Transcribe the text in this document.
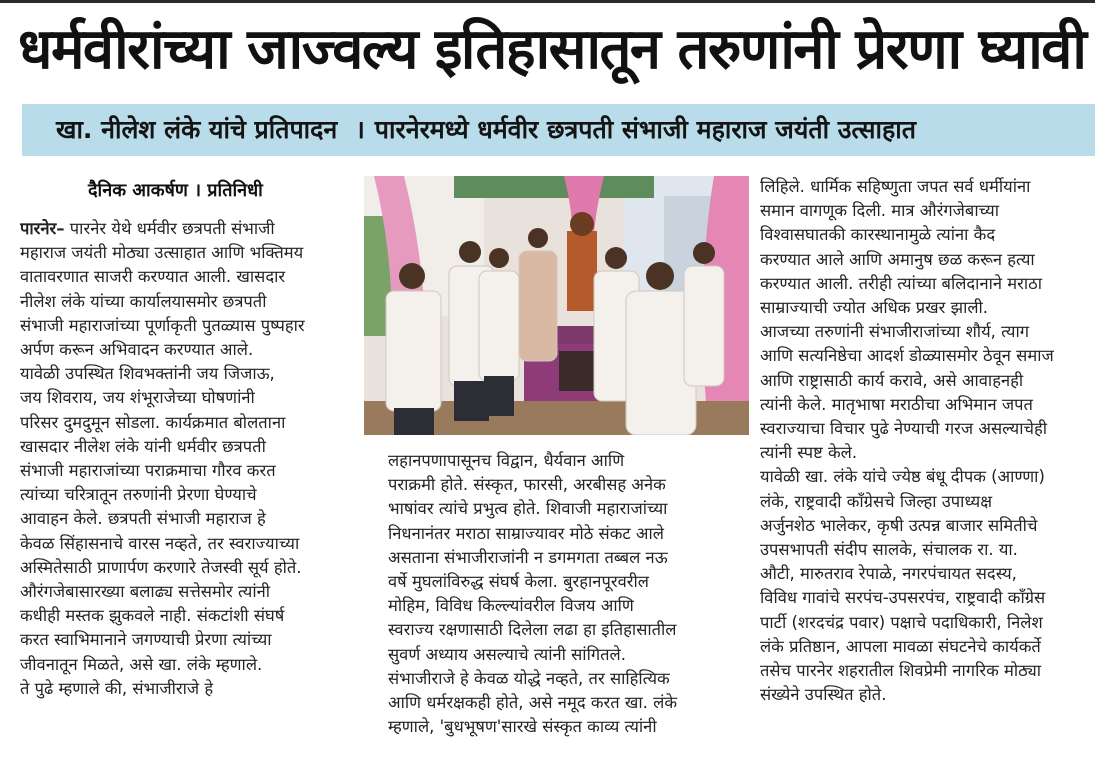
धर्मवीरांच्या जाज्वल्य इतिहासातून तरुणांनी प्रेरणा घ्यावी
खा. नीलेश लंके यांचे प्रतिपादन । पारनेरमध्ये धर्मवीर छत्रपती संभाजी महाराज जयंती उत्साहात
दैनिक आकर्षण । प्रतिनिधी
पारनेर– पारनेर येथे धर्मवीर छत्रपती संभाजी
महाराज जयंती मोठ्या उत्साहात आणि भक्तिमय
वातावरणात साजरी करण्यात आली. खासदार
नीलेश लंके यांच्या कार्यालयासमोर छत्रपती
संभाजी महाराजांच्या पूर्णाकृती पुतळ्यास पुष्पहार
अर्पण करून अभिवादन करण्यात आले.
यावेळी उपस्थित शिवभक्तांनी जय जिजाऊ,
जय शिवराय, जय शंभूराजेच्या घोषणांनी
परिसर दुमदुमून सोडला. कार्यक्रमात बोलताना
खासदार नीलेश लंके यांनी धर्मवीर छत्रपती
संभाजी महाराजांच्या पराक्रमाचा गौरव करत
त्यांच्या चरित्रातून तरुणांनी प्रेरणा घेण्याचे
आवाहन केले. छत्रपती संभाजी महाराज हे
केवळ सिंहासनाचे वारस नव्हते, तर स्वराज्याच्या
अस्मितेसाठी प्राणार्पण करणारे तेजस्वी सूर्य होते.
औरंगजेबासारख्या बलाढ्य सत्तेसमोर त्यांनी
कधीही मस्तक झुकवले नाही. संकटांशी संघर्ष
करत स्वाभिमानाने जगण्याची प्रेरणा त्यांच्या
जीवनातून मिळते, असे खा. लंके म्हणाले.
ते पुढे म्हणाले की, संभाजीराजे हे
लहानपणापासूनच विद्वान, धैर्यवान आणि
पराक्रमी होते. संस्कृत, फारसी, अरबीसह अनेक
भाषांवर त्यांचे प्रभुत्व होते. शिवाजी महाराजांच्या
निधनानंतर मराठा साम्राज्यावर मोठे संकट आले
असताना संभाजीराजांनी न डगमगता तब्बल नऊ
वर्षे मुघलांविरुद्ध संघर्ष केला. बुरहानपूरवरील
मोहिम, विविध किल्ल्यांवरील विजय आणि
स्वराज्य रक्षणासाठी दिलेला लढा हा इतिहासातील
सुवर्ण अध्याय असल्याचे त्यांनी सांगितले.
संभाजीराजे हे केवळ योद्धे नव्हते, तर साहित्यिक
आणि धर्मरक्षकही होते, असे नमूद करत खा. लंके
म्हणाले, 'बुधभूषण'सारखे संस्कृत काव्य त्यांनी
लिहिले. धार्मिक सहिष्णुता जपत सर्व धर्मीयांना
समान वागणूक दिली. मात्र औरंगजेबाच्या
विश्वासघातकी कारस्थानामुळे त्यांना कैद
करण्यात आले आणि अमानुष छळ करून हत्या
करण्यात आली. तरीही त्यांच्या बलिदानाने मराठा
साम्राज्याची ज्योत अधिक प्रखर झाली.
आजच्या तरुणांनी संभाजीराजांच्या शौर्य, त्याग
आणि सत्यनिष्ठेचा आदर्श डोळ्यासमोर ठेवून समाज
आणि राष्ट्रासाठी कार्य करावे, असे आवाहनही
त्यांनी केले. मातृभाषा मराठीचा अभिमान जपत
स्वराज्याचा विचार पुढे नेण्याची गरज असल्याचेही
त्यांनी स्पष्ट केले.
यावेळी खा. लंके यांचे ज्येष्ठ बंधू दीपक (आण्णा)
लंके, राष्ट्रवादी काँग्रेसचे जिल्हा उपाध्यक्ष
अर्जुनशेठ भालेकर, कृषी उत्पन्न बाजार समितीचे
उपसभापती संदीप सालके, संचालक रा. या.
औटी, मारुतराव रेपाळे, नगरपंचायत सदस्य,
विविध गावांचे सरपंच-उपसरपंच, राष्ट्रवादी काँग्रेस
पार्टी (शरदचंद्र पवार) पक्षाचे पदाधिकारी, निलेश
लंके प्रतिष्ठान, आपला मावळा संघटनेचे कार्यकर्ते
तसेच पारनेर शहरातील शिवप्रेमी नागरिक मोठ्या
संख्येने उपस्थित होते.
